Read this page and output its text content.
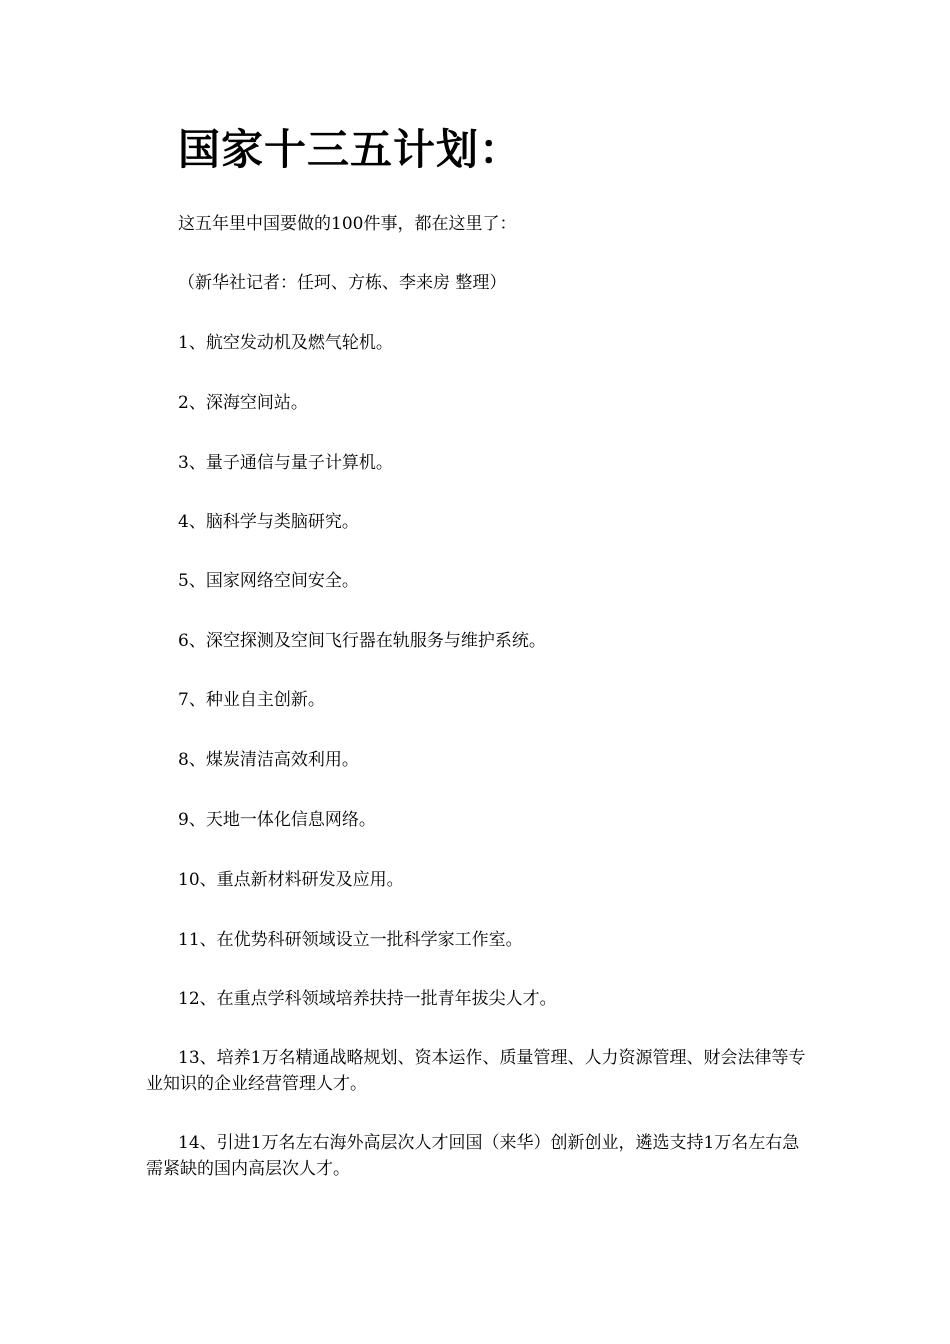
国家十三五计划：

这五年里中国要做的100件事，都在这里了：

（新华社记者：任珂、方栋、李来房 整理）

1、航空发动机及燃气轮机。

2、深海空间站。

3、量子通信与量子计算机。

4、脑科学与类脑研究。

5、国家网络空间安全。

6、深空探测及空间飞行器在轨服务与维护系统。

7、种业自主创新。

8、煤炭清洁高效利用。

9、天地一体化信息网络。

10、重点新材料研发及应用。

11、在优势科研领域设立一批科学家工作室。

12、在重点学科领域培养扶持一批青年拔尖人才。

13、培养1万名精通战略规划、资本运作、质量管理、人力资源管理、财会法律等专业知识的企业经营管理人才。

14、引进1万名左右海外高层次人才回国（来华）创新创业，遴选支持1万名左右急需紧缺的国内高层次人才。
